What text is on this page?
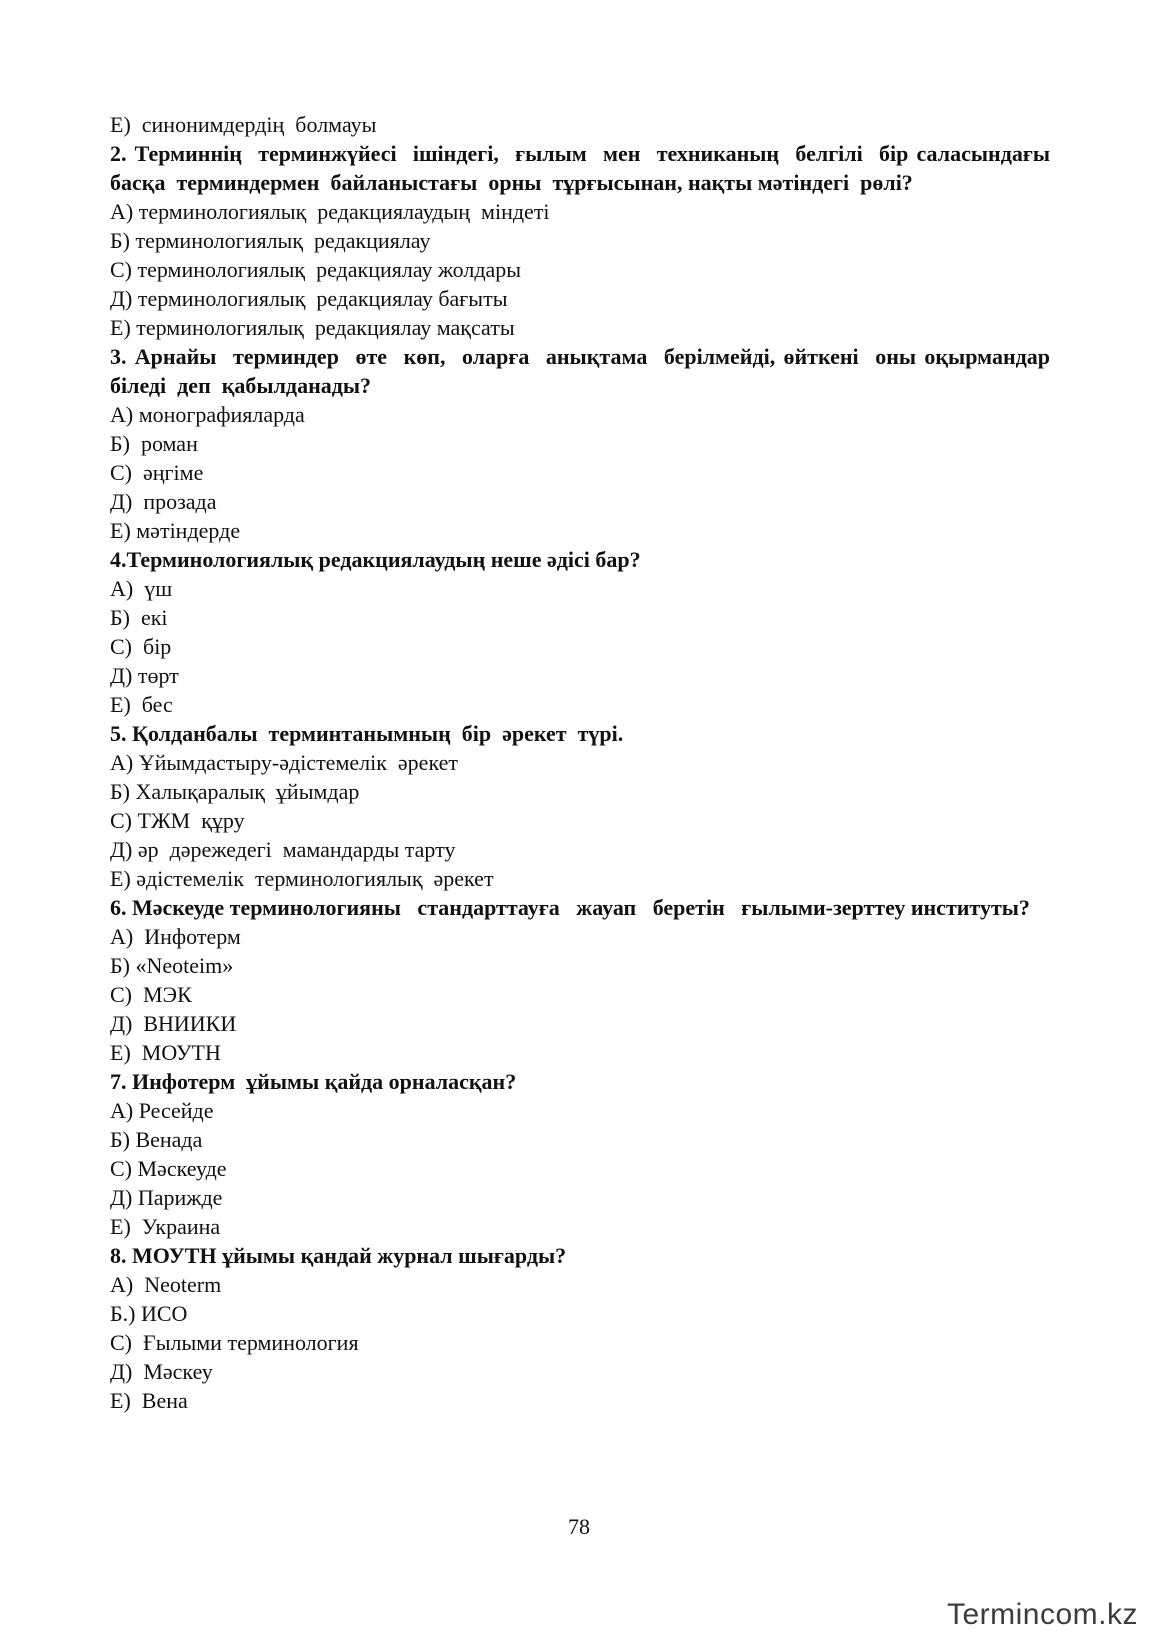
Е)  синонимдердің  болмауы

2. Терминнің  терминжүйесі  ішіндегі,  ғылым  мен  техниканың  белгілі  бір саласындағы  басқа  терминдермен  байланыстағы  орны  тұрғысынан, нақты мәтіндегі  рөлі?

А) терминологиялық  редакциялаудың  міндеті

Б) терминологиялық  редакциялау

С) терминологиялық  редакциялау жолдары

Д) терминологиялық  редакциялау бағыты

Е) терминологиялық  редакциялау мақсаты

3. Арнайы  терминдер  өте  көп,  оларға  анықтама  берілмейді, өйткені  оны оқырмандар  біледі  деп  қабылданады?

А) монографияларда

Б)  роман

С)  әңгіме

Д)  прозада

Е) мәтіндерде

4.Терминологиялық редакциялаудың неше әдісі бар?

А)  үш

Б)  екі

С)  бір

Д) төрт

Е)  бес

5. Қолданбалы  терминтанымның  бір  әрекет  түрі.

А) Ұйымдастыру-әдістемелік  әрекет

Б) Халықаралық  ұйымдар

С) ТЖМ  құру

Д) әр  дәрежедегі  мамандарды тарту

Е) әдістемелік  терминологиялық  әрекет

6. Мәскеуде терминологияны   стандарттауға   жауап   беретін   ғылыми-зерттеу институты?

А)  Инфотерм

Б) «Neoteim»

С)  МЭК

Д)  ВНИИКИ

Е)  МОУТН

7. Инфотерм  ұйымы қайда орналасқан?

А) Ресейде

Б) Венада

С) Мәскеуде

Д) Парижде

Е)  Украина

8. МОУТН ұйымы қандай журнал шығарды?

А)  Neoterm

Б.) ИСО

С)  Ғылыми терминология

Д)  Мәскеу

Е)  Вена

78
Termincom.kz
